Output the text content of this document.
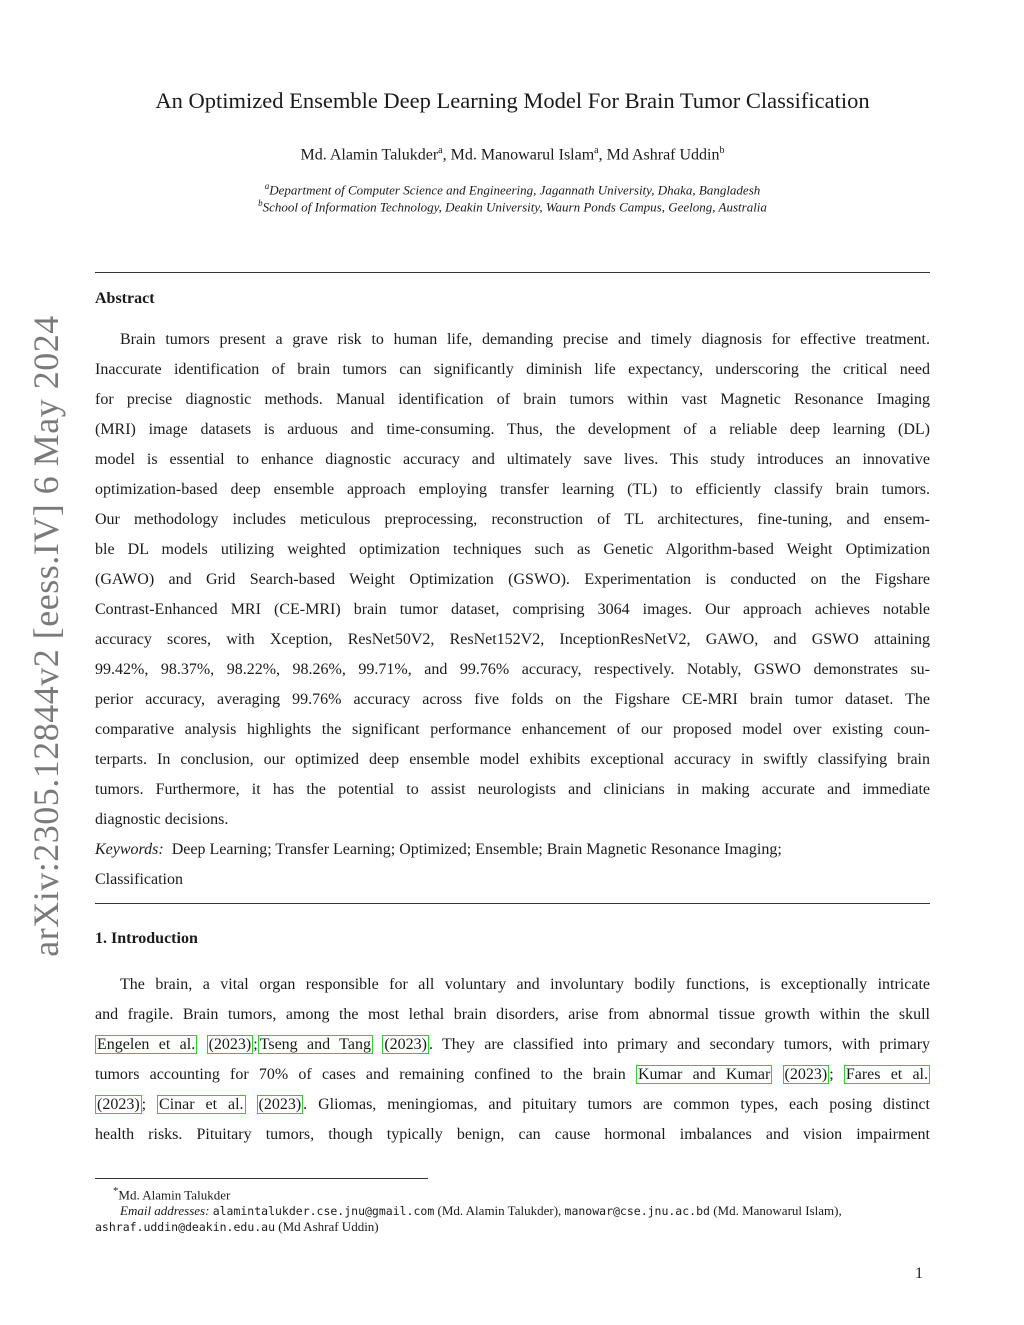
arXiv:2305.12844v2 [eess.IV] 6 May 2024
An Optimized Ensemble Deep Learning Model For Brain Tumor Classification
Md. Alamin Talukder$^a$, Md. Manowarul Islam$^a$, Md Ashraf Uddin$^b$
$^a$Department of Computer Science and Engineering, Jagannath University, Dhaka, Bangladesh
$^b$School of Information Technology, Deakin University, Waurn Ponds Campus, Geelong, Australia
Abstract
Brain tumors present a grave risk to human life, demanding precise and timely diagnosis for effective treatment.
Inaccurate identification of brain tumors can significantly diminish life expectancy, underscoring the critical need
for precise diagnostic methods. Manual identification of brain tumors within vast Magnetic Resonance Imaging
(MRI) image datasets is arduous and time-consuming. Thus, the development of a reliable deep learning (DL)
model is essential to enhance diagnostic accuracy and ultimately save lives. This study introduces an innovative
optimization-based deep ensemble approach employing transfer learning (TL) to efficiently classify brain tumors.
Our methodology includes meticulous preprocessing, reconstruction of TL architectures, fine-tuning, and ensem-
ble DL models utilizing weighted optimization techniques such as Genetic Algorithm-based Weight Optimization
(GAWO) and Grid Search-based Weight Optimization (GSWO). Experimentation is conducted on the Figshare
Contrast-Enhanced MRI (CE-MRI) brain tumor dataset, comprising 3064 images. Our approach achieves notable
accuracy scores, with Xception, ResNet50V2, ResNet152V2, InceptionResNetV2, GAWO, and GSWO attaining
99.42%, 98.37%, 98.22%, 98.26%, 99.71%, and 99.76% accuracy, respectively. Notably, GSWO demonstrates su-
perior accuracy, averaging 99.76% accuracy across five folds on the Figshare CE-MRI brain tumor dataset. The
comparative analysis highlights the significant performance enhancement of our proposed model over existing coun-
terparts. In conclusion, our optimized deep ensemble model exhibits exceptional accuracy in swiftly classifying brain
tumors. Furthermore, it has the potential to assist neurologists and clinicians in making accurate and immediate
diagnostic decisions.
Keywords: Deep Learning; Transfer Learning; Optimized; Ensemble; Brain Magnetic Resonance Imaging;
Classification
1. Introduction
The brain, a vital organ responsible for all voluntary and involuntary bodily functions, is exceptionally intricate
and fragile. Brain tumors, among the most lethal brain disorders, arise from abnormal tissue growth within the skull
Engelen et al. (2023) ; Tseng and Tang (2023) . They are classified into primary and secondary tumors, with primary
tumors accounting for 70% of cases and remaining confined to the brain Kumar and Kumar (2023) ; Fares et al.
(2023) ; Cinar et al. (2023) . Gliomas, meningiomas, and pituitary tumors are common types, each posing distinct
health risks. Pituitary tumors, though typically benign, can cause hormonal imbalances and vision impairment
*Md. Alamin Talukder
Email addresses: alamintalukder.cse.jnu@gmail.com (Md. Alamin Talukder), manowar@cse.jnu.ac.bd (Md. Manowarul Islam),
ashraf.uddin@deakin.edu.au (Md Ashraf Uddin)
1
